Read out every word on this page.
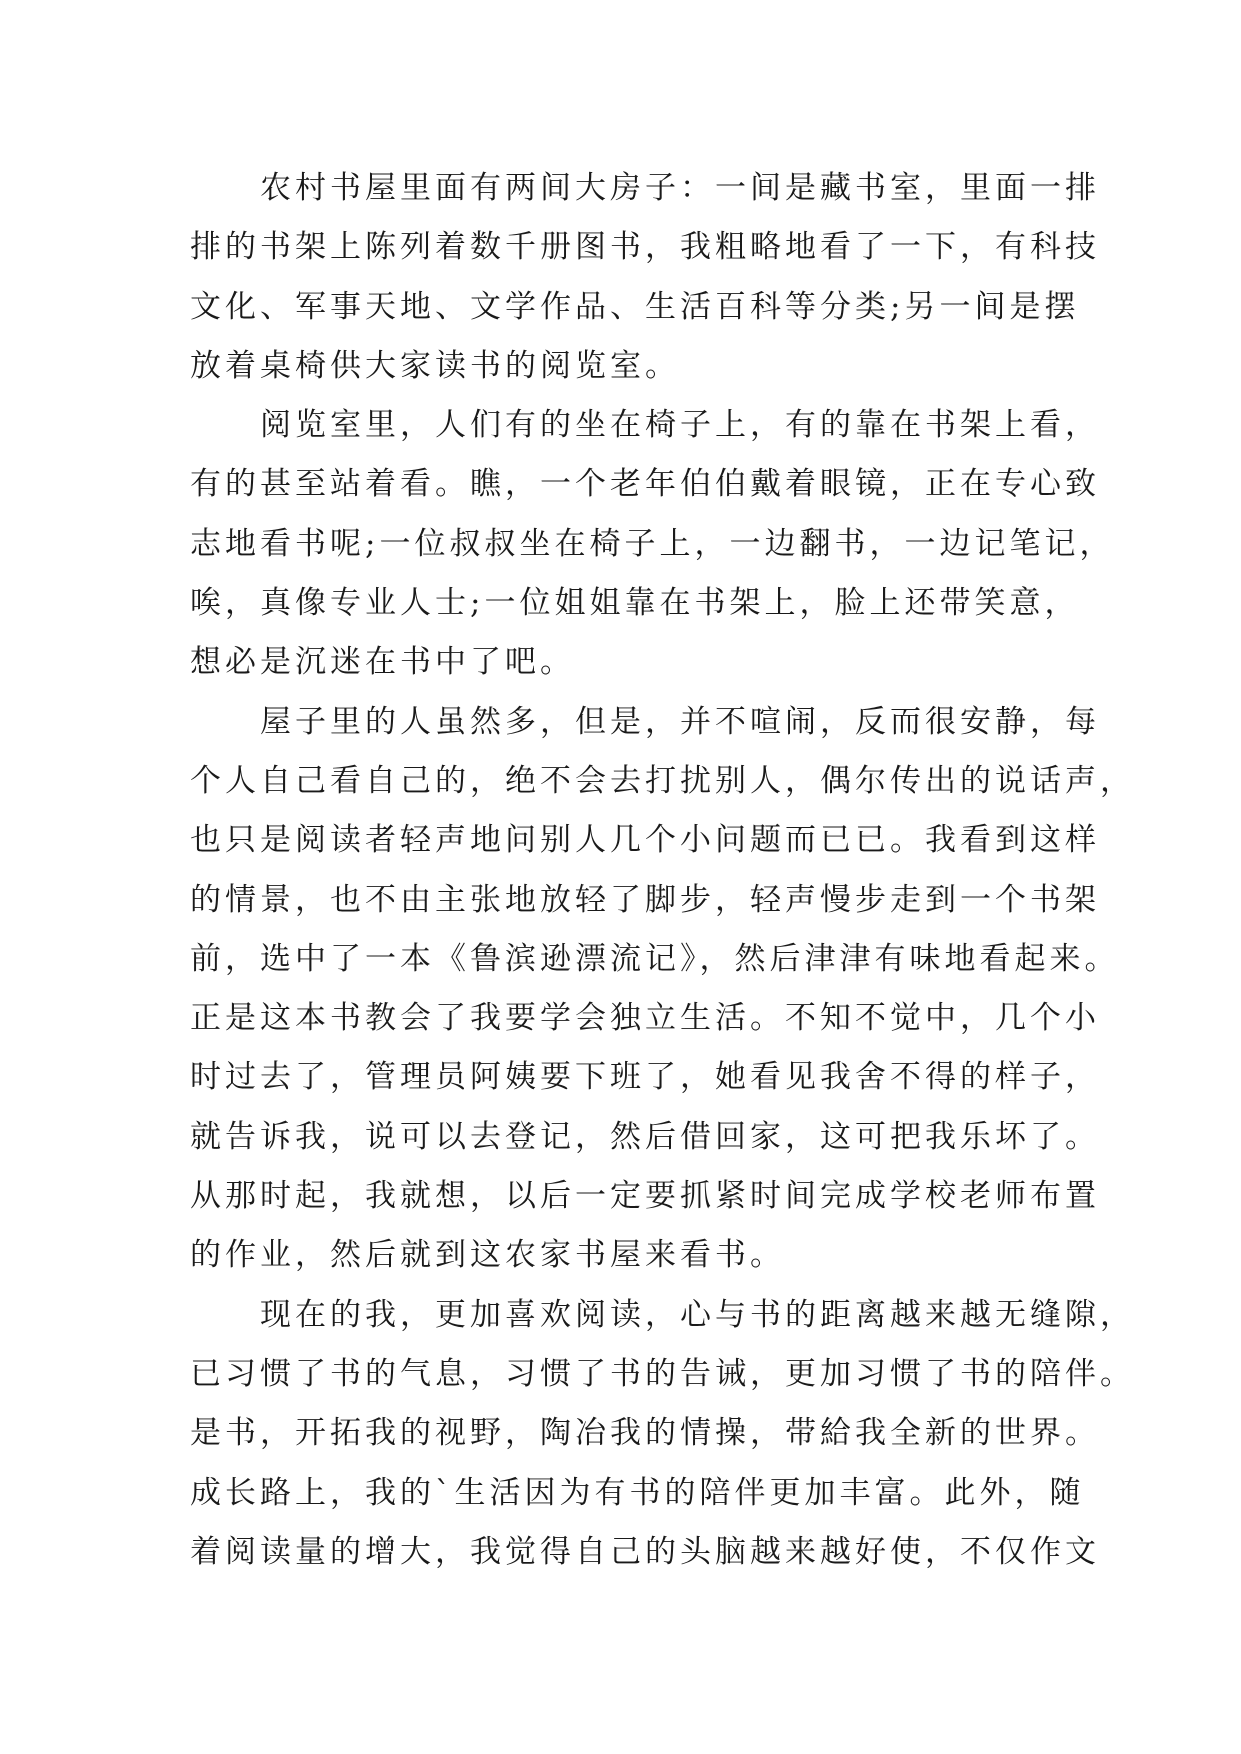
农村书屋里面有两间大房子：一间是藏书室，里面一排
排的书架上陈列着数千册图书，我粗略地看了一下，有科技
文化、军事天地、文学作品、生活百科等分类;另一间是摆
放着桌椅供大家读书的阅览室。
阅览室里，人们有的坐在椅子上，有的靠在书架上看，
有的甚至站着看。瞧，一个老年伯伯戴着眼镜，正在专心致
志地看书呢;一位叔叔坐在椅子上，一边翻书，一边记笔记，
唉，真像专业人士;一位姐姐靠在书架上，脸上还带笑意，
想必是沉迷在书中了吧。
屋子里的人虽然多，但是，并不喧闹，反而很安静，每
个人自己看自己的，绝不会去打扰别人，偶尔传出的说话声，
也只是阅读者轻声地问别人几个小问题而已已。我看到这样
的情景，也不由主张地放轻了脚步，轻声慢步走到一个书架
前，选中了一本《鲁滨逊漂流记》，然后津津有味地看起来。
正是这本书教会了我要学会独立生活。不知不觉中，几个小
时过去了，管理员阿姨要下班了，她看见我舍不得的样子，
就告诉我，说可以去登记，然后借回家，这可把我乐坏了。
从那时起，我就想，以后一定要抓紧时间完成学校老师布置
的作业，然后就到这农家书屋来看书。
现在的我，更加喜欢阅读，心与书的距离越来越无缝隙，
已习惯了书的气息，习惯了书的告诫，更加习惯了书的陪伴。
是书，开拓我的视野，陶冶我的情操，带給我全新的世界。
成长路上，我的`生活因为有书的陪伴更加丰富。此外，随
着阅读量的增大，我觉得自己的头脑越来越好使，不仅作文
